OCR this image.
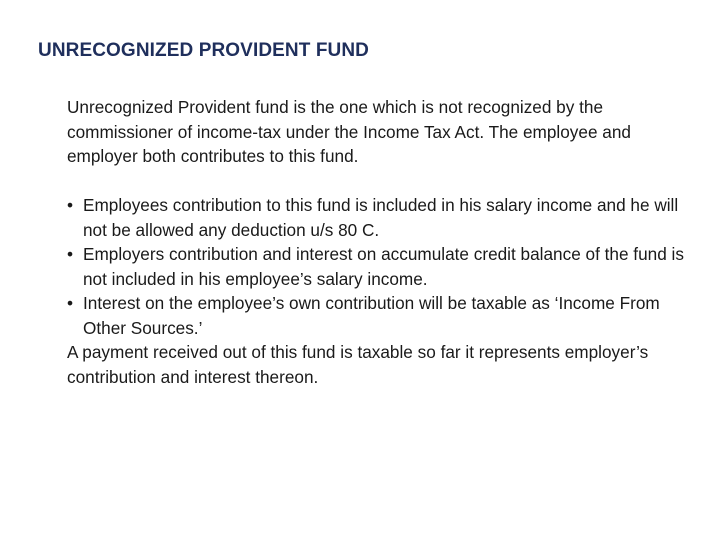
UNRECOGNIZED PROVIDENT FUND

Unrecognized Provident fund is the one which is not recognized by the commissioner of income-tax under the Income Tax Act. The employee and employer both contributes to this fund.

• Employees contribution to this fund is included in his salary income and he will not be allowed any deduction u/s 80 C.
• Employers contribution and interest on accumulate credit balance of the fund is not included in his employee’s salary income.
• Interest on the employee’s own contribution will be taxable as ‘Income From Other Sources.’

A payment received out of this fund is taxable so far it represents employer’s contribution and interest thereon.
